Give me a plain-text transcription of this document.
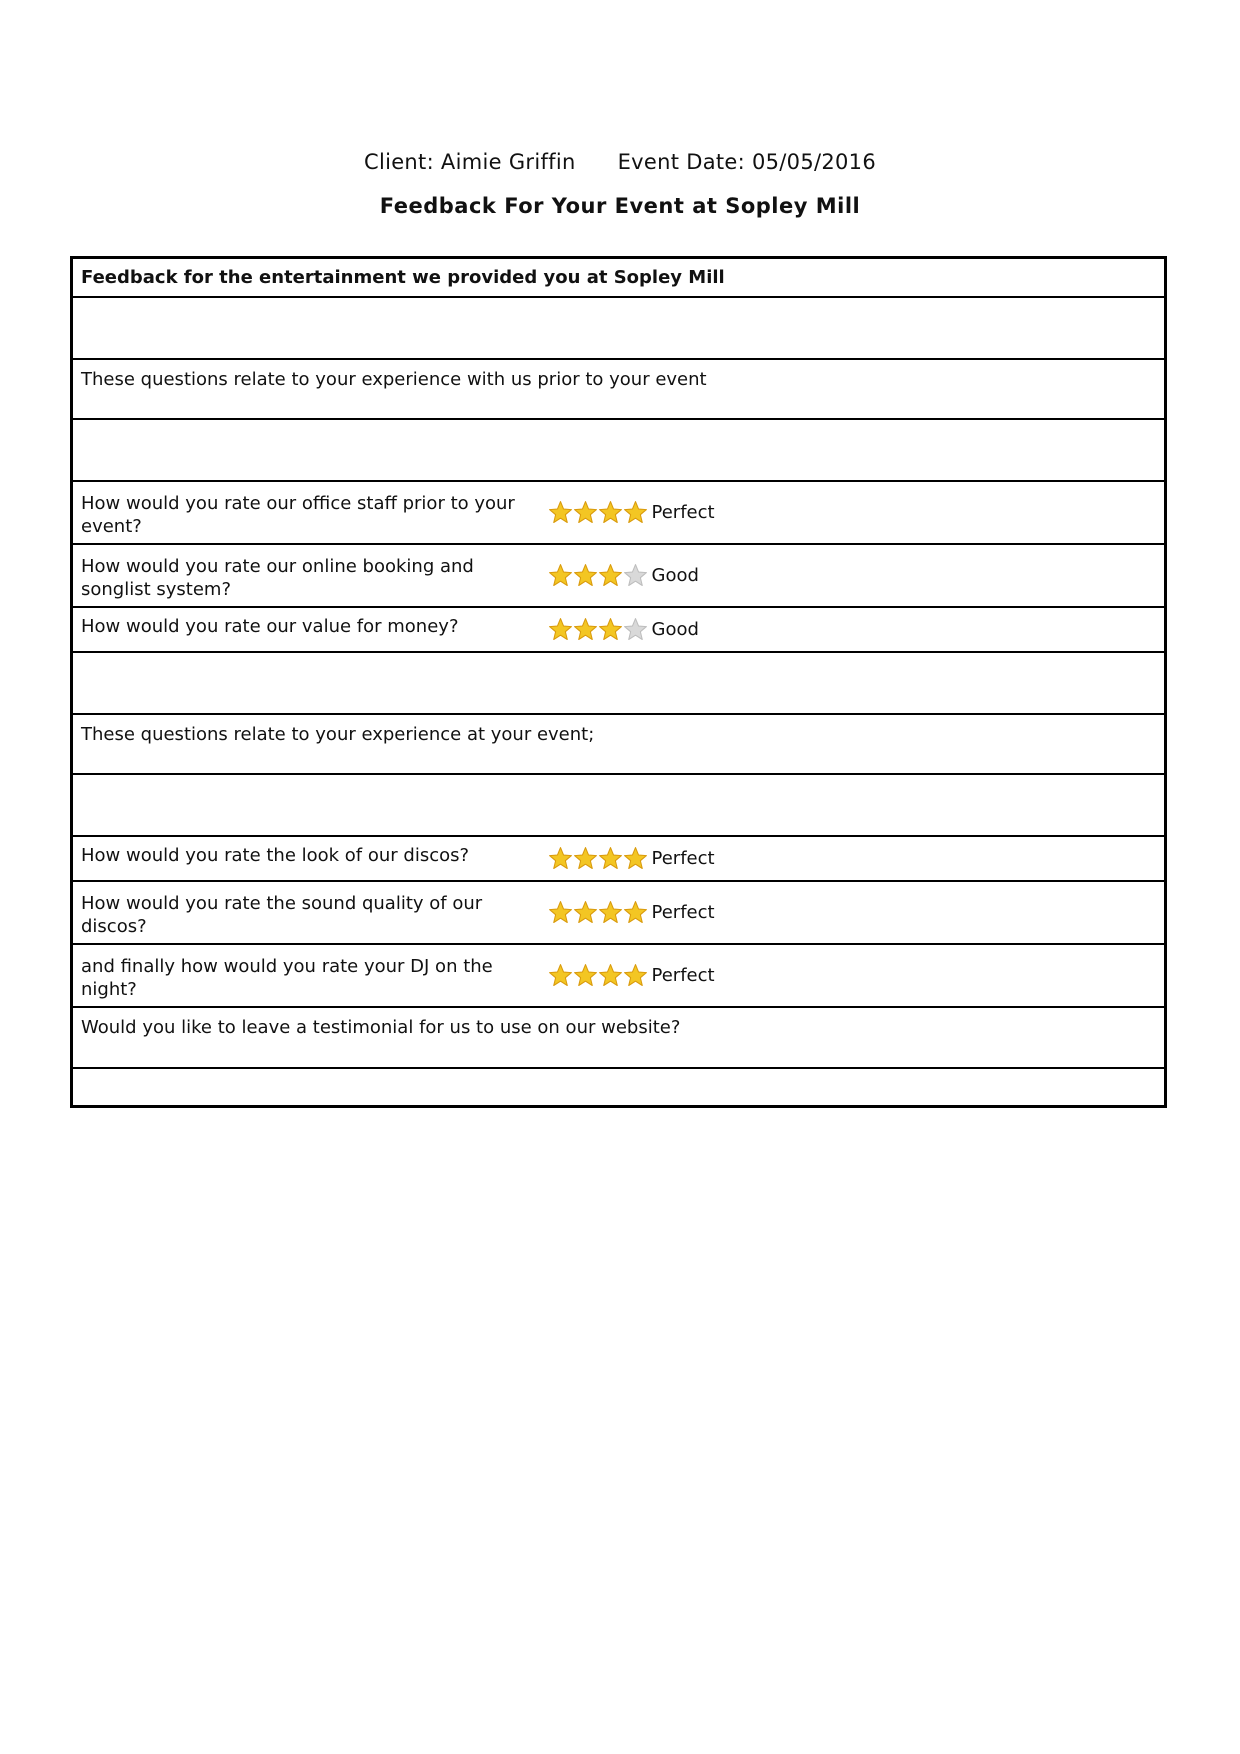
Client: Aimie Griffin Event Date: 05/05/2016
Feedback For Your Event at Sopley Mill
Feedback for the entertainment we provided you at Sopley Mill	

These questions relate to your experience with us prior to your event	

How would you rate our office staff prior to your event?	Perfect
How would you rate our online booking and songlist system?	Good
How would you rate our value for money?	Good

These questions relate to your experience at your event;	

How would you rate the look of our discos?	Perfect
How would you rate the sound quality of our discos?	Perfect
and finally how would you rate your DJ on the night?	Perfect
Would you like to leave a testimonial for us to use on our website?	
